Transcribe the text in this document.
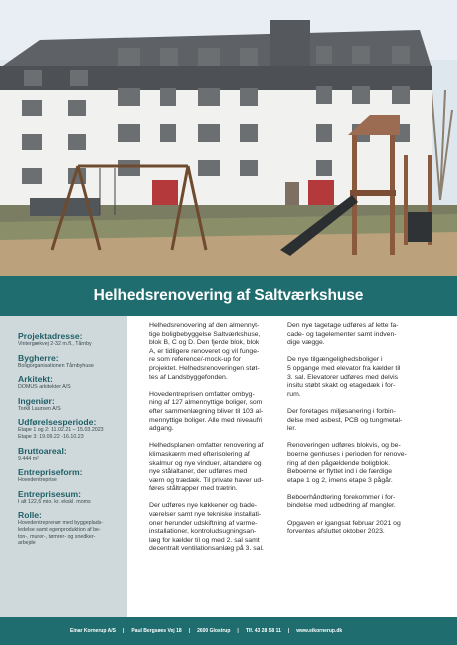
Helhedsrenovering af Saltværkshuse
Projektadresse:
Vintergækvej 2-32 m.fl., Tårnby
Bygherre:
Boligorganisationen Tårnbyhuse
Arkitekt:
DOMUS arkitekter A/S
Ingeniør:
Torkil Laursen A/S
Udførelsesperiode:
Etape 1 og 2: 11.02.21 – 15.03.2023
Etape 3: 19.09.22 -16.10.23
Bruttoareal:
9.444 m²
Entrepriseform:
Hovedentreprise
Entreprisesum:
I alt 122,6 mio. kr. ekskl. moms
Rolle:
Hovedentreprenør med byggeplads-
ledelse samt egenproduktion af be-
ton-, murer-, tømrer- og snedker-
arbejde

Helhedsrenovering af den almennyt-
tige boligbebyggelse Saltværkshuse,
blok B, C og D. Den fjerde blok, blok
A, er tidligere renoveret og vil funge-
re som reference/-mock-up for
projektet. Helhedsrenoveringen støt-
tes af Landsbyggefonden.

Hovedentreprisen omfatter ombyg-
ning af 127 almennyttige boliger, som
efter sammenlægning bliver til 103 al-
mennyttige boliger. Alle med niveaufri
adgang.

Helhedsplanen omfatter renovering af
klimaskærm med efterisolering af
skalmur og nye vinduer, altandøre og
nye stålaltaner, der udføres med
værn og trædæk. Til private haver ud-
føres ståltrapper med trætrin.

Der udføres nye køkkener og bade-
værelser samt nye tekniske installati-
oner herunder udskiftning af varme-
installationer, kontroludsugningsan-
læg for kælder til og med 2. sal samt
decentralt ventilationsanlæg på 3. sal.

Den nye tagetage udføres af lette fa-
cade- og tagelementer samt indven-
dige vægge.

De nye tilgængelighedsboliger i
5 opgange med elevator fra kælder til
3. sal. Elevatorer udføres med delvis
insitu støbt skakt og etagedæk i for-
rum.

Der foretages miljøsanering i forbin-
delse med asbest, PCB og tungmetal-
ler.

Renoveringen udføres blokvis, og be-
boerne genhuses i perioden for renove-
ring af den pågældende boligblok.
Beboerne er flyttet ind i de færdige
etape 1 og 2, imens etape 3 pågår.

Beboerhåndtering forekommer i for-
bindelse med udbedring af mangler.

Opgaven er igangsat februar 2021 og
forventes afsluttet oktober 2023.

Einar Kornerup A/S | Paul Bergsøes Vej 18 | 2600 Glostrup | Tlf. 43 28 58 11 | www.eikornerup.dk
